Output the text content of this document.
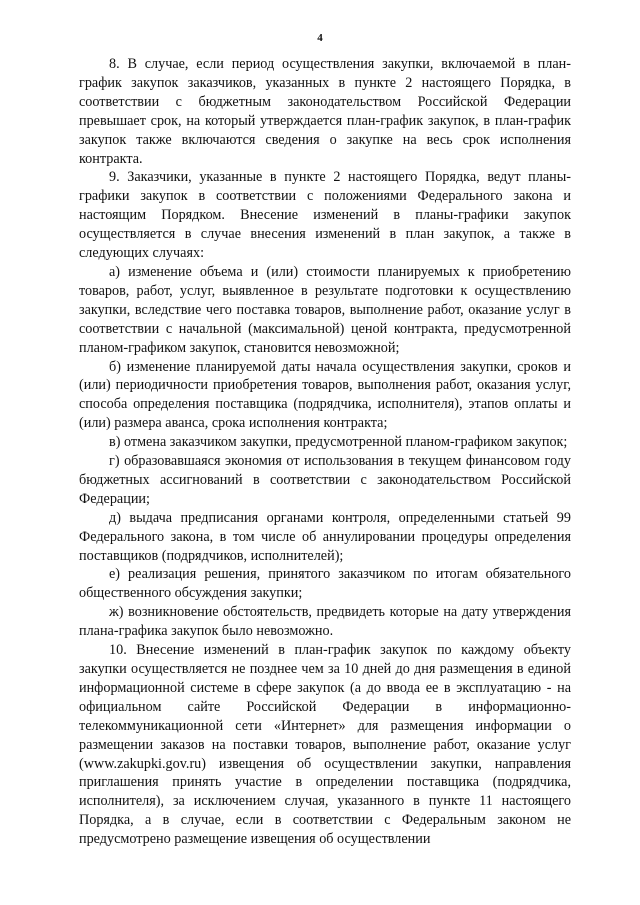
4

8. В случае, если период осуществления закупки, включаемой в план-график закупок заказчиков, указанных в пункте 2 настоящего Порядка, в соответствии с бюджетным законодательством Российской Федерации превышает срок, на который утверждается план-график закупок, в план-график закупок также включаются сведения о закупке на весь срок исполнения контракта.

9. Заказчики, указанные в пункте 2 настоящего Порядка, ведут планы-графики закупок в соответствии с положениями Федерального закона и настоящим Порядком. Внесение изменений в планы-графики закупок осуществляется в случае внесения изменений в план закупок, а также в следующих случаях:

а) изменение объема и (или) стоимости планируемых к приобретению товаров, работ, услуг, выявленное в результате подготовки к осуществлению закупки, вследствие чего поставка товаров, выполнение работ, оказание услуг в соответствии с начальной (максимальной) ценой контракта, предусмотренной планом-графиком закупок, становится невозможной;

б) изменение планируемой даты начала осуществления закупки, сроков и (или) периодичности приобретения товаров, выполнения работ, оказания услуг, способа определения поставщика (подрядчика, исполнителя), этапов оплаты и (или) размера аванса, срока исполнения контракта;

в) отмена заказчиком закупки, предусмотренной планом-графиком закупок;

г) образовавшаяся экономия от использования в текущем финансовом году бюджетных ассигнований в соответствии с законодательством Российской Федерации;

д) выдача предписания органами контроля, определенными статьей 99 Федерального закона, в том числе об аннулировании процедуры определения поставщиков (подрядчиков, исполнителей);

е) реализация решения, принятого заказчиком по итогам обязательного общественного обсуждения закупки;

ж) возникновение обстоятельств, предвидеть которые на дату утверждения плана-графика закупок было невозможно.

10. Внесение изменений в план-график закупок по каждому объекту закупки осуществляется не позднее чем за 10 дней до дня размещения в единой информационной системе в сфере закупок (а до ввода ее в эксплуатацию - на официальном сайте Российской Федерации в информационно-телекоммуникационной сети «Интернет» для размещения информации о размещении заказов на поставки товаров, выполнение работ, оказание услуг (www.zakupki.gov.ru) извещения об осуществлении закупки, направления приглашения принять участие в определении поставщика (подрядчика, исполнителя), за исключением случая, указанного в пункте 11 настоящего Порядка, а в случае, если в соответствии с Федеральным законом не предусмотрено размещение извещения об осуществлении
